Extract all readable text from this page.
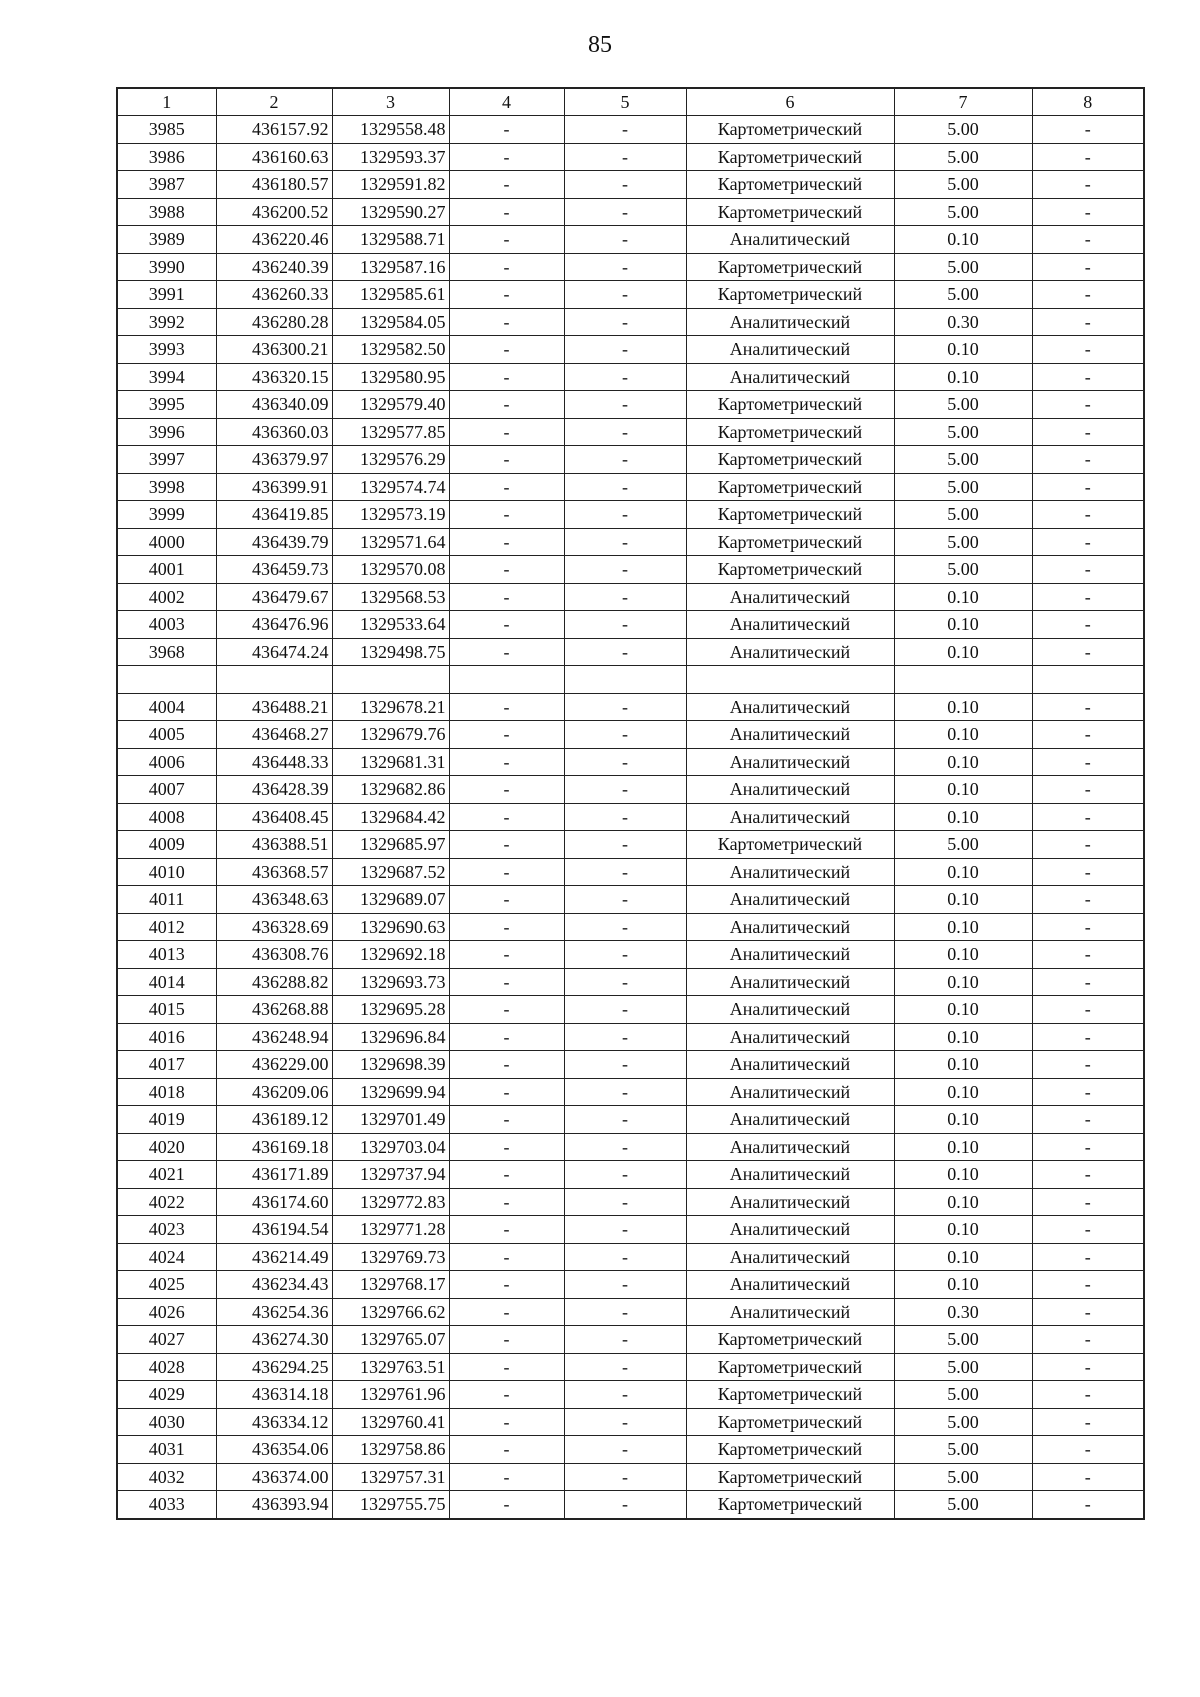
85
1	2	3	4	5	6	7	8
3985	436157.92	1329558.48	-	-	Картометрический	5.00	-
3986	436160.63	1329593.37	-	-	Картометрический	5.00	-
3987	436180.57	1329591.82	-	-	Картометрический	5.00	-
3988	436200.52	1329590.27	-	-	Картометрический	5.00	-
3989	436220.46	1329588.71	-	-	Аналитический	0.10	-
3990	436240.39	1329587.16	-	-	Картометрический	5.00	-
3991	436260.33	1329585.61	-	-	Картометрический	5.00	-
3992	436280.28	1329584.05	-	-	Аналитический	0.30	-
3993	436300.21	1329582.50	-	-	Аналитический	0.10	-
3994	436320.15	1329580.95	-	-	Аналитический	0.10	-
3995	436340.09	1329579.40	-	-	Картометрический	5.00	-
3996	436360.03	1329577.85	-	-	Картометрический	5.00	-
3997	436379.97	1329576.29	-	-	Картометрический	5.00	-
3998	436399.91	1329574.74	-	-	Картометрический	5.00	-
3999	436419.85	1329573.19	-	-	Картометрический	5.00	-
4000	436439.79	1329571.64	-	-	Картометрический	5.00	-
4001	436459.73	1329570.08	-	-	Картометрический	5.00	-
4002	436479.67	1329568.53	-	-	Аналитический	0.10	-
4003	436476.96	1329533.64	-	-	Аналитический	0.10	-
3968	436474.24	1329498.75	-	-	Аналитический	0.10	-

4004	436488.21	1329678.21	-	-	Аналитический	0.10	-
4005	436468.27	1329679.76	-	-	Аналитический	0.10	-
4006	436448.33	1329681.31	-	-	Аналитический	0.10	-
4007	436428.39	1329682.86	-	-	Аналитический	0.10	-
4008	436408.45	1329684.42	-	-	Аналитический	0.10	-
4009	436388.51	1329685.97	-	-	Картометрический	5.00	-
4010	436368.57	1329687.52	-	-	Аналитический	0.10	-
4011	436348.63	1329689.07	-	-	Аналитический	0.10	-
4012	436328.69	1329690.63	-	-	Аналитический	0.10	-
4013	436308.76	1329692.18	-	-	Аналитический	0.10	-
4014	436288.82	1329693.73	-	-	Аналитический	0.10	-
4015	436268.88	1329695.28	-	-	Аналитический	0.10	-
4016	436248.94	1329696.84	-	-	Аналитический	0.10	-
4017	436229.00	1329698.39	-	-	Аналитический	0.10	-
4018	436209.06	1329699.94	-	-	Аналитический	0.10	-
4019	436189.12	1329701.49	-	-	Аналитический	0.10	-
4020	436169.18	1329703.04	-	-	Аналитический	0.10	-
4021	436171.89	1329737.94	-	-	Аналитический	0.10	-
4022	436174.60	1329772.83	-	-	Аналитический	0.10	-
4023	436194.54	1329771.28	-	-	Аналитический	0.10	-
4024	436214.49	1329769.73	-	-	Аналитический	0.10	-
4025	436234.43	1329768.17	-	-	Аналитический	0.10	-
4026	436254.36	1329766.62	-	-	Аналитический	0.30	-
4027	436274.30	1329765.07	-	-	Картометрический	5.00	-
4028	436294.25	1329763.51	-	-	Картометрический	5.00	-
4029	436314.18	1329761.96	-	-	Картометрический	5.00	-
4030	436334.12	1329760.41	-	-	Картометрический	5.00	-
4031	436354.06	1329758.86	-	-	Картометрический	5.00	-
4032	436374.00	1329757.31	-	-	Картометрический	5.00	-
4033	436393.94	1329755.75	-	-	Картометрический	5.00	-
